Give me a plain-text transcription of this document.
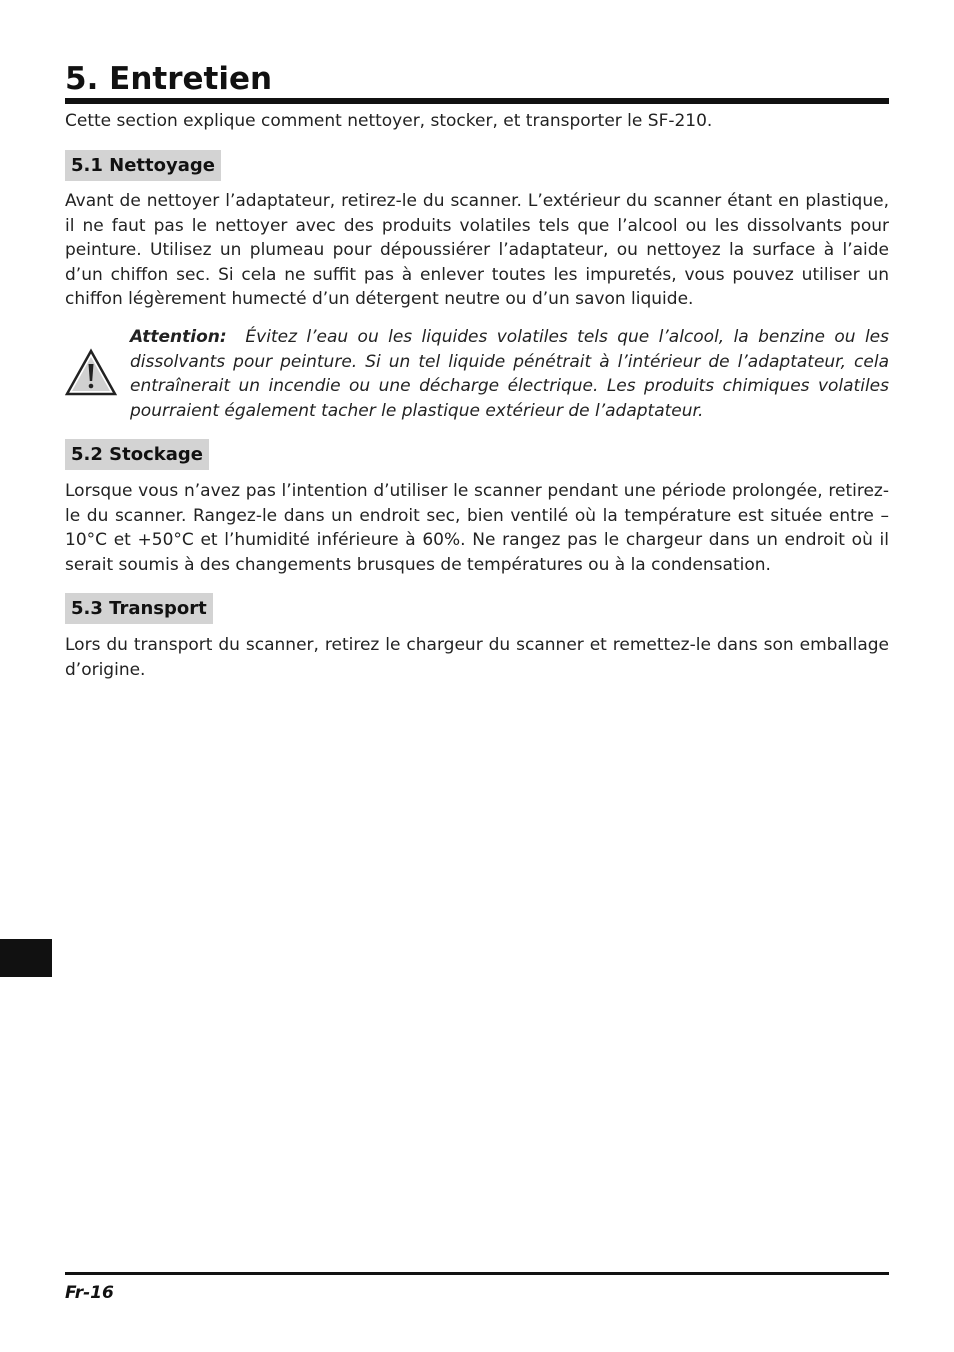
5. Entretien

Cette section explique comment nettoyer, stocker, et transporter le SF-210.

5.1 Nettoyage

Avant de nettoyer l’adaptateur, retirez-le du scanner. L’extérieur du scanner étant en plastique, il ne faut pas le nettoyer avec des produits volatiles tels que l’alcool ou les dissolvants pour peinture. Utilisez un plumeau pour dépoussiérer l’adaptateur, ou nettoyez la surface à l’aide d’un chiffon sec. Si cela ne suffit pas à enlever toutes les impuretés, vous pouvez utiliser un chiffon légèrement humecté d’un détergent neutre ou d’un savon liquide.

Attention: Évitez l’eau ou les liquides volatiles tels que l’alcool, la benzine ou les dissolvants pour peinture. Si un tel liquide pénétrait à l’intérieur de l’adaptateur, cela entraînerait un incendie ou une décharge électrique. Les produits chimiques volatiles pourraient également tacher le plastique extérieur de l’adaptateur.

5.2 Stockage

Lorsque vous n’avez pas l’intention d’utiliser le scanner pendant une période prolongée, retirez-le du scanner. Rangez-le dans un endroit sec, bien ventilé où la température est située entre –10°C et +50°C et l’humidité inférieure à 60%. Ne rangez pas le chargeur dans un endroit où il serait soumis à des changements brusques de températures ou à la condensation.

5.3 Transport

Lors du transport du scanner, retirez le chargeur du scanner et remettez-le dans son emballage d’origine.

Fr-16
